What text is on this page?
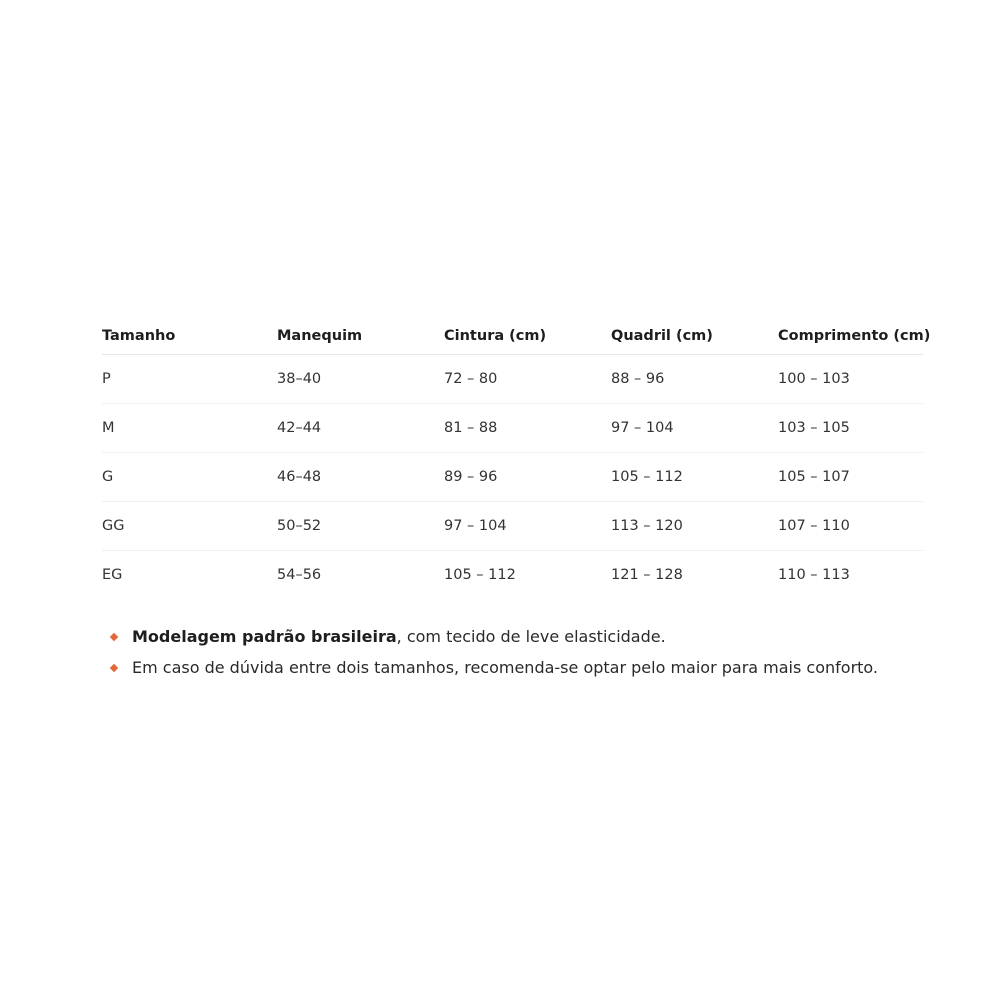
Tamanho	Manequim	Cintura (cm)	Quadril (cm)	Comprimento (cm)
P	38–40	72 – 80	88 – 96	100 – 103
M	42–44	81 – 88	97 – 104	103 – 105
G	46–48	89 – 96	105 – 112	105 – 107
GG	50–52	97 – 104	113 – 120	107 – 110
EG	54–56	105 – 112	121 – 128	110 – 113
Modelagem padrão brasileira, com tecido de leve elasticidade.
Em caso de dúvida entre dois tamanhos, recomenda-se optar pelo maior para mais conforto.
